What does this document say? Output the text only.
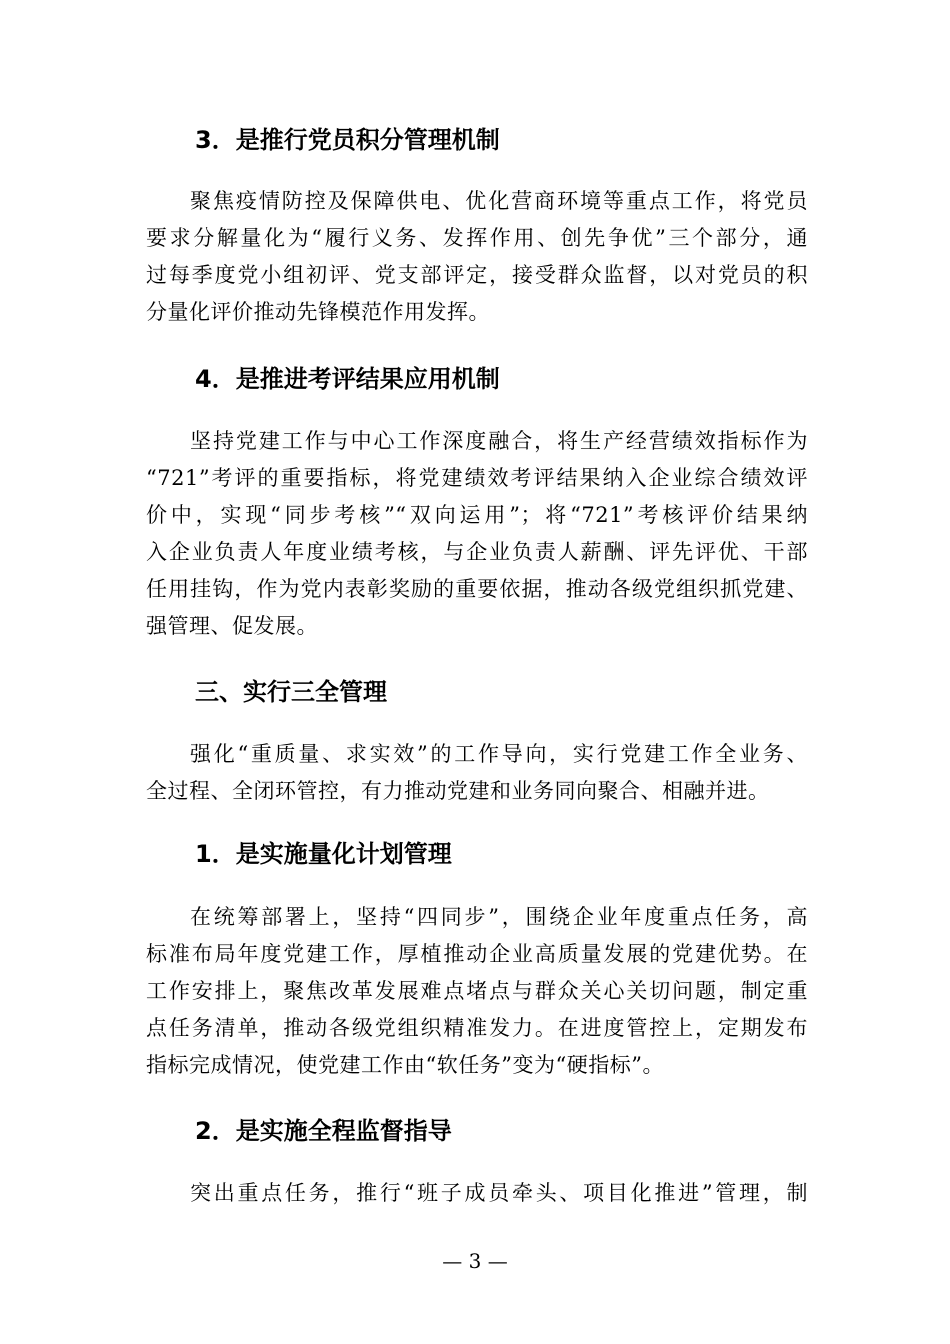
3．是推行党员积分管理机制
聚焦疫情防控及保障供电、优化营商环境等重点工作，将党员
要求分解量化为“履行义务、发挥作用、创先争优”三个部分，通
过每季度党小组初评、党支部评定，接受群众监督，以对党员的积
分量化评价推动先锋模范作用发挥。
4．是推进考评结果应用机制
坚持党建工作与中心工作深度融合，将生产经营绩效指标作为
“721”考评的重要指标，将党建绩效考评结果纳入企业综合绩效评
价中，实现“同步考核”“双向运用”；将“721”考核评价结果纳
入企业负责人年度业绩考核，与企业负责人薪酬、评先评优、干部
任用挂钩，作为党内表彰奖励的重要依据，推动各级党组织抓党建、
强管理、促发展。
三、实行三全管理
强化“重质量、求实效”的工作导向，实行党建工作全业务、
全过程、全闭环管控，有力推动党建和业务同向聚合、相融并进。
1．是实施量化计划管理
在统筹部署上，坚持“四同步”，围绕企业年度重点任务，高
标准布局年度党建工作，厚植推动企业高质量发展的党建优势。在
工作安排上，聚焦改革发展难点堵点与群众关心关切问题，制定重
点任务清单，推动各级党组织精准发力。在进度管控上，定期发布
指标完成情况，使党建工作由“软任务”变为“硬指标”。
2．是实施全程监督指导
突出重点任务，推行“班子成员牵头、项目化推进”管理，制
— 3 —
